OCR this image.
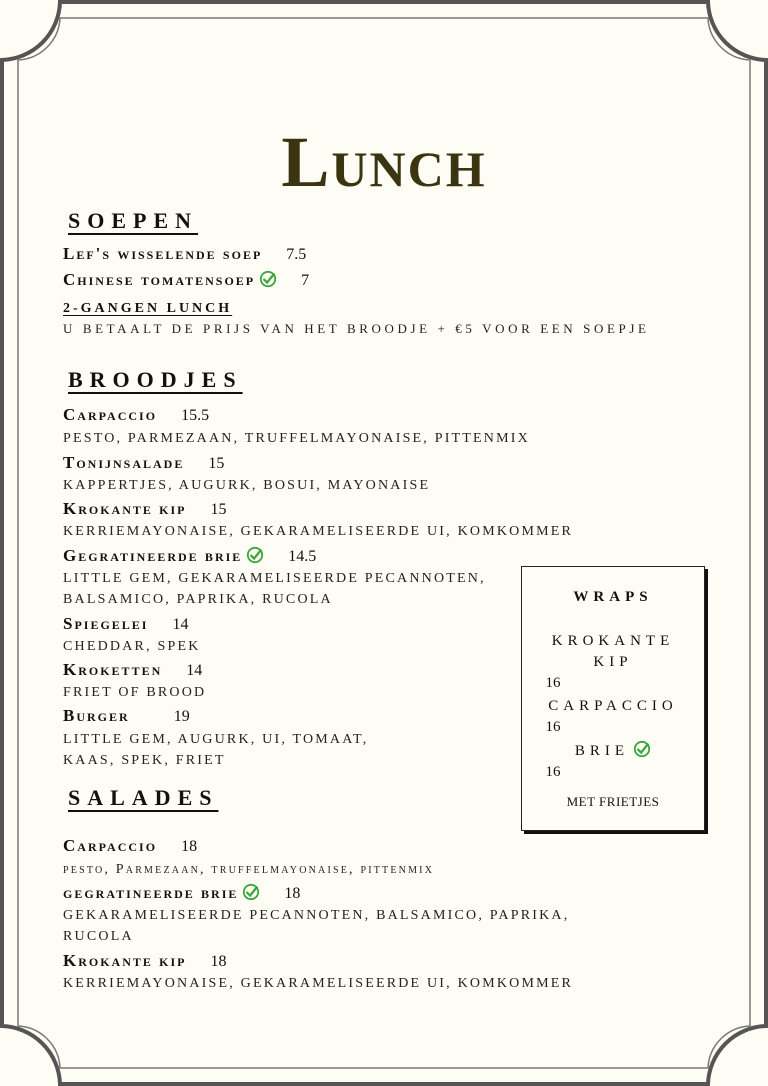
Lunch
SOEPEN
Lef's wisselende soep 7.5
Chinese tomatensoep	7
2-GANGEN LUNCH
U BETAALT DE PRIJS VAN HET BROODJE + €5 VOOR EEN SOEPJE
BROODJES
Carpaccio 15.5
PESTO, PARMEZAAN, TRUFFELMAYONAISE, PITTENMIX
Tonijnsalade 15
KAPPERTJES, AUGURK, BOSUI, MAYONAISE
Krokante kip 15
KERRIEMAYONAISE, GEKARAMELISEERDE UI, KOMKOMMER
Gegratineerde brie	14.5
LITTLE GEM, GEKARAMELISEERDE PECANNOTEN,
BALSAMICO, PAPRIKA, RUCOLA
Spiegelei 14
CHEDDAR, SPEK
Kroketten 14
FRIET OF BROOD
Burger	19
LITTLE GEM, AUGURK, UI, TOMAAT,
KAAS, SPEK, FRIET
WRAPS
KROKANTE
KIP
16
CARPACCIO
16
BRIE
16
MET FRIETJES
SALADES
Carpaccio 18
pesto, Parmezaan, truffelmayonaise, pittenmix
gegratineerde brie	18
GEKARAMELISEERDE PECANNOTEN, BALSAMICO, PAPRIKA,
RUCOLA
Krokante kip 18
KERRIEMAYONAISE, GEKARAMELISEERDE UI, KOMKOMMER
